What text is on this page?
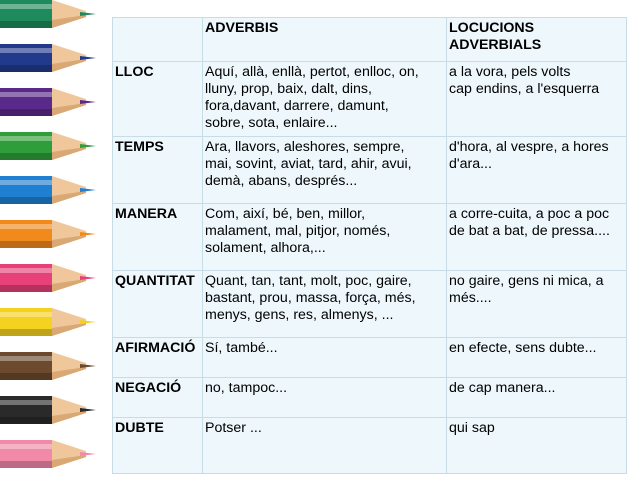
	ADVERBIS	LOCUCIONS
ADVERBIALS

LLOC	Aquí, allà, enllà, pertot, enlloc, on,
lluny, prop, baix, dalt, dins,
fora,davant, darrere, damunt,
sobre, sota, enlaire...	a la vora, pels volts
cap endins, a l'esquerra

TEMPS	Ara, llavors, aleshores, sempre,
mai, sovint, aviat, tard, ahir, avui,
demà, abans, després...	d'hora, al vespre, a hores
d'ara...

MANERA	Com, així, bé, ben, millor,
malament, mal, pitjor, només,
solament, alhora,...	a corre-cuita, a poc a poc
de bat a bat, de pressa....

QUANTITAT	Quant, tan, tant, molt, poc, gaire,
bastant, prou, massa, força, més,
menys, gens, res, almenys, ...	no gaire, gens ni mica, a
més....

AFIRMACIÓ	Sí, també...	en efecte, sens dubte...

NEGACIÓ	no, tampoc...	de cap manera...

DUBTE	Potser ...	qui sap
